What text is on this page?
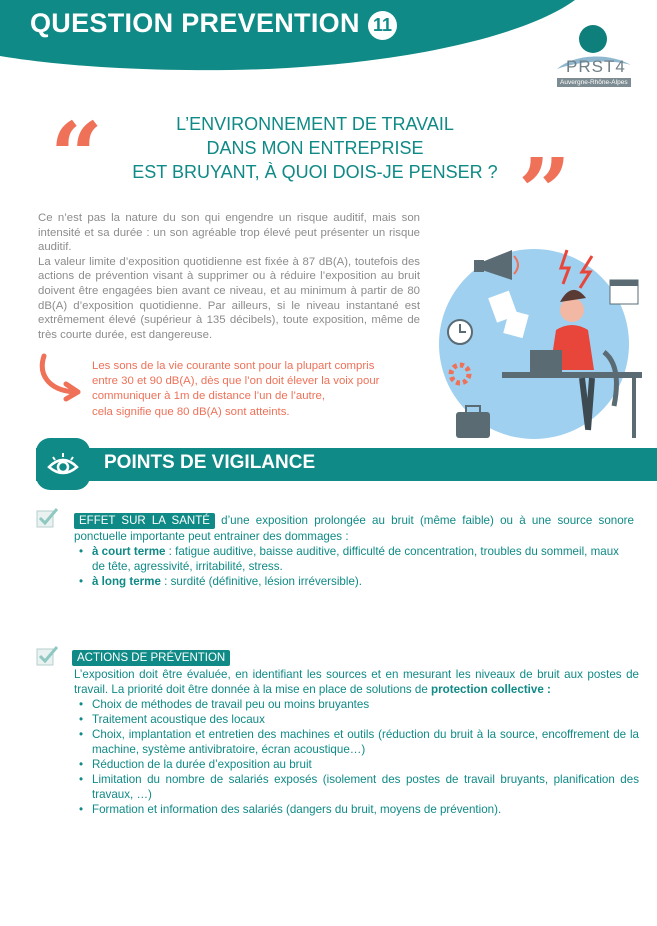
QUESTION PREVENTION 11
PRST4
Auvergne-Rhône-Alpes
“	”
L’ENVIRONNEMENT DE TRAVAIL
DANS MON ENTREPRISE
EST BRUYANT, À QUOI DOIS-JE PENSER ?

Ce n’est pas la nature du son qui engendre un risque auditif, mais son intensité et sa durée : un son agréable trop élevé peut présenter un risque auditif.

La valeur limite d’exposition quotidienne est fixée à 87 dB(A), toutefois des actions de prévention visant à supprimer ou à réduire l’exposition au bruit doivent être engagées bien avant ce niveau, et au minimum à partir de 80 dB(A) d’exposition quotidienne. Par ailleurs, si le niveau instantané est extrêmement élevé (supérieur à 135 décibels), toute exposition, même de très courte durée, est dangereuse.

Les sons de la vie courante sont pour la plupart compris
entre 30 et 90 dB(A), dès que l’on doit élever la voix pour
communiquer à 1m de distance l’un de l’autre,
cela signifie que 80 dB(A) sont atteints.
POINTS DE VIGILANCE
EFFET SUR LA SANTÉ d’une exposition prolongée au bruit (même faible) ou à une source sonore ponctuelle importante peut entrainer des dommages :
• à court terme : fatigue auditive, baisse auditive, difficulté de concentration, troubles du sommeil, maux de tête, agressivité, irritabilité, stress.
• à long terme : surdité (définitive, lésion irréversible).
ACTIONS DE PRÉVENTION
L’exposition doit être évaluée, en identifiant les sources et en mesurant les niveaux de bruit aux postes de travail. La priorité doit être donnée à la mise en place de solutions de protection collective :
• Choix de méthodes de travail peu ou moins bruyantes
• Traitement acoustique des locaux
• Choix, implantation et entretien des machines et outils (réduction du bruit à la source, encoffrement de la machine, système antivibratoire, écran acoustique…)
• Réduction de la durée d’exposition au bruit
• Limitation du nombre de salariés exposés (isolement des postes de travail bruyants, planification des travaux, …)
• Formation et information des salariés (dangers du bruit, moyens de prévention).
